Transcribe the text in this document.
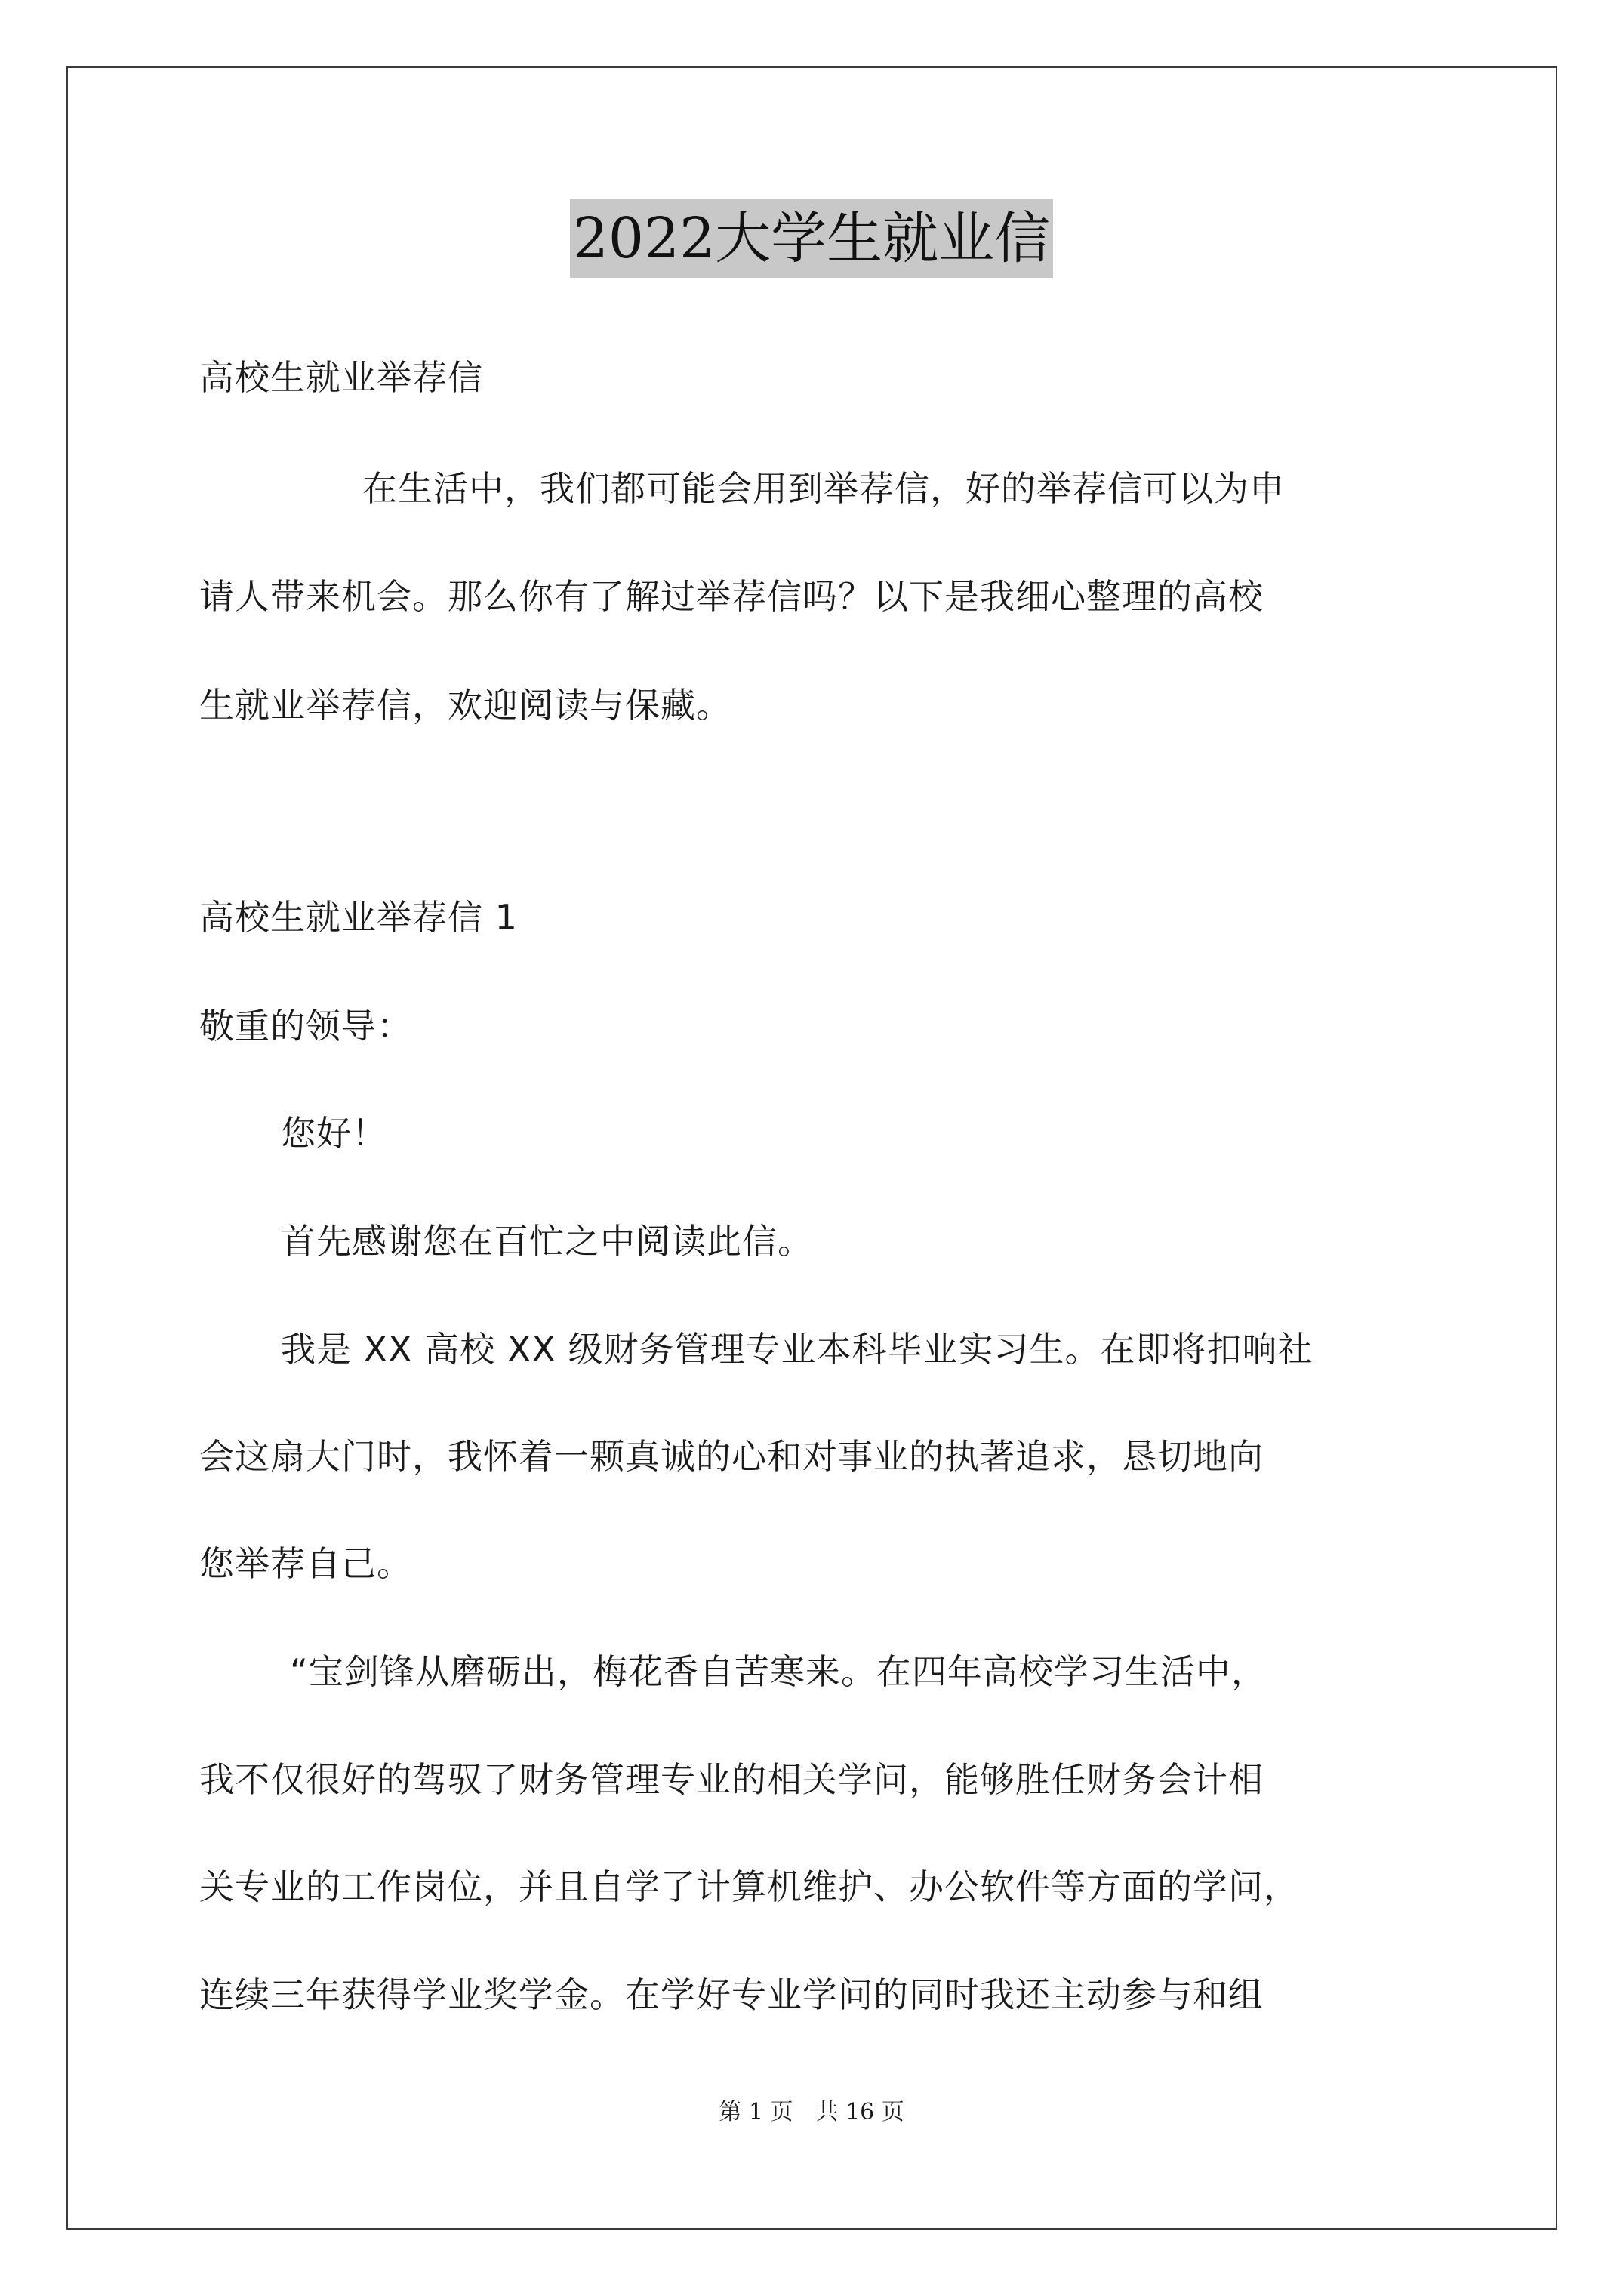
2022大学生就业信
高校生就业举荐信
在生活中，我们都可能会用到举荐信，好的举荐信可以为申
请人带来机会。那么你有了解过举荐信吗？以下是我细心整理的高校
生就业举荐信，欢迎阅读与保藏。
高校生就业举荐信 1
敬重的领导：
您好！
首先感谢您在百忙之中阅读此信。
我是 XX 高校 XX 级财务管理专业本科毕业实习生。在即将扣响社
会这扇大门时，我怀着一颗真诚的心和对事业的执著追求，恳切地向
您举荐自己。
“宝剑锋从磨砺出，梅花香自苦寒来。在四年高校学习生活中，
我不仅很好的驾驭了财务管理专业的相关学问，能够胜任财务会计相
关专业的工作岗位，并且自学了计算机维护、办公软件等方面的学问，
连续三年获得学业奖学金。在学好专业学问的同时我还主动参与和组
第 1 页　共 16 页
